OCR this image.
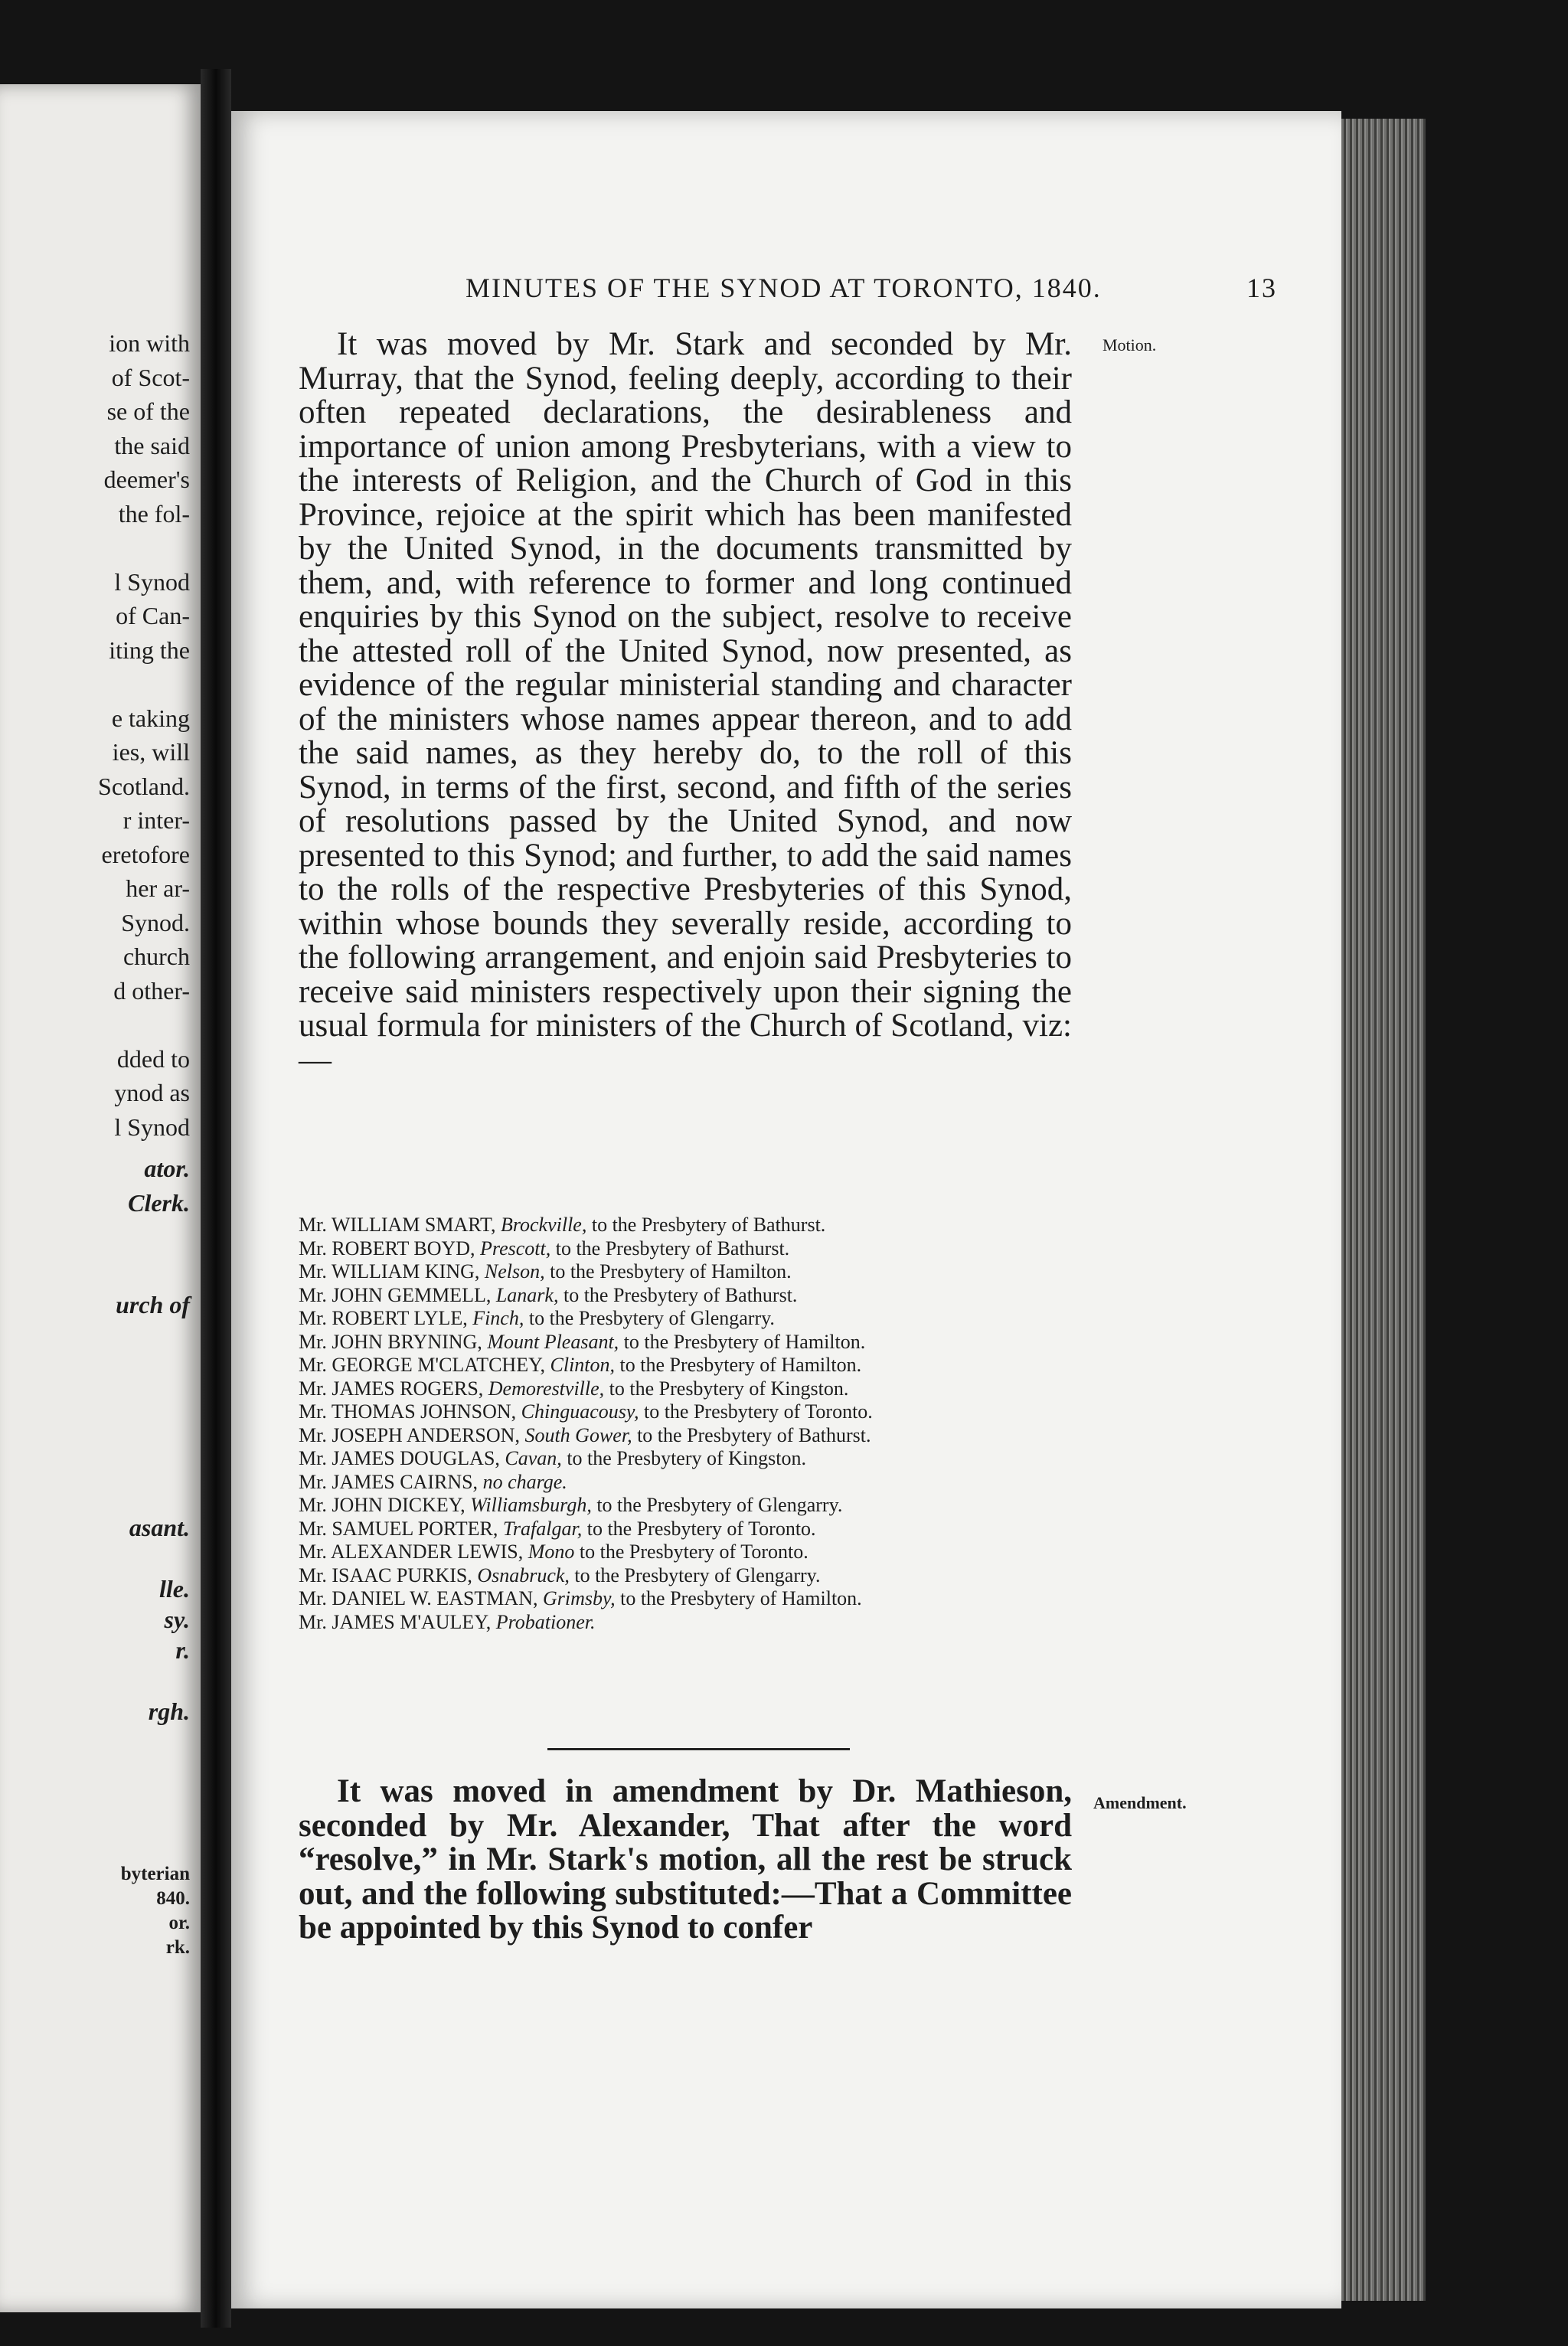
ion with
of Scot-
se of the
the said
deemer's
the fol-
l Synod
of Can-
iting the
e taking
ies, will
Scotland.
r inter-
eretofore
her ar-
Synod.
church
d other-
dded to
ynod as
l Synod
ator.
Clerk.
urch of
asant.
lle.
sy.
r.
rgh.
byterian
840.
or.
rk.
MINUTES OF THE SYNOD AT TORONTO, 1840.	13
Motion.

It was moved by Mr. Stark and seconded by Mr. Murray, that the Synod, feeling deeply, according to their often repeated declarations, the desirableness and importance of union among Presbyterians, with a view to the interests of Religion, and the Church of God in this Province, rejoice at the spirit which has been manifested by the United Synod, in the documents transmitted by them, and, with reference to former and long continued enquiries by this Synod on the subject, resolve to receive the attested roll of the United Synod, now presented, as evidence of the regular ministerial standing and character of the ministers whose names appear thereon, and to add the said names, as they hereby do, to the roll of this Synod, in terms of the first, second, and fifth of the series of resolutions passed by the United Synod, and now presented to this Synod; and further, to add the said names to the rolls of the respective Presbyteries of this Synod, within whose bounds they severally reside, according to the following arrangement, and enjoin said Presbyteries to receive said ministers respectively upon their signing the usual formula for ministers of the Church of Scotland, viz:—

Mr. WILLIAM SMART, Brockville, to the Presbytery of Bathurst.
Mr. ROBERT BOYD, Prescott, to the Presbytery of Bathurst.
Mr. WILLIAM KING, Nelson, to the Presbytery of Hamilton.
Mr. JOHN GEMMELL, Lanark, to the Presbytery of Bathurst.
Mr. ROBERT LYLE, Finch, to the Presbytery of Glengarry.
Mr. JOHN BRYNING, Mount Pleasant, to the Presbytery of Hamilton.
Mr. GEORGE M'CLATCHEY, Clinton, to the Presbytery of Hamilton.
Mr. JAMES ROGERS, Demorestville, to the Presbytery of Kingston.
Mr. THOMAS JOHNSON, Chinguacousy, to the Presbytery of Toronto.
Mr. JOSEPH ANDERSON, South Gower, to the Presbytery of Bathurst.
Mr. JAMES DOUGLAS, Cavan, to the Presbytery of Kingston.
Mr. JAMES CAIRNS, no charge.
Mr. JOHN DICKEY, Williamsburgh, to the Presbytery of Glengarry.
Mr. SAMUEL PORTER, Trafalgar, to the Presbytery of Toronto.
Mr. ALEXANDER LEWIS, Mono to the Presbytery of Toronto.
Mr. ISAAC PURKIS, Osnabruck, to the Presbytery of Glengarry.
Mr. DANIEL W. EASTMAN, Grimsby, to the Presbytery of Hamilton.
Mr. JAMES M'AULEY, Probationer.
Amendment.

It was moved in amendment by Dr. Mathieson, seconded by Mr. Alexander, That after the word “resolve,” in Mr. Stark's motion, all the rest be struck out, and the following substituted:—That a Committee be appointed by this Synod to confer
